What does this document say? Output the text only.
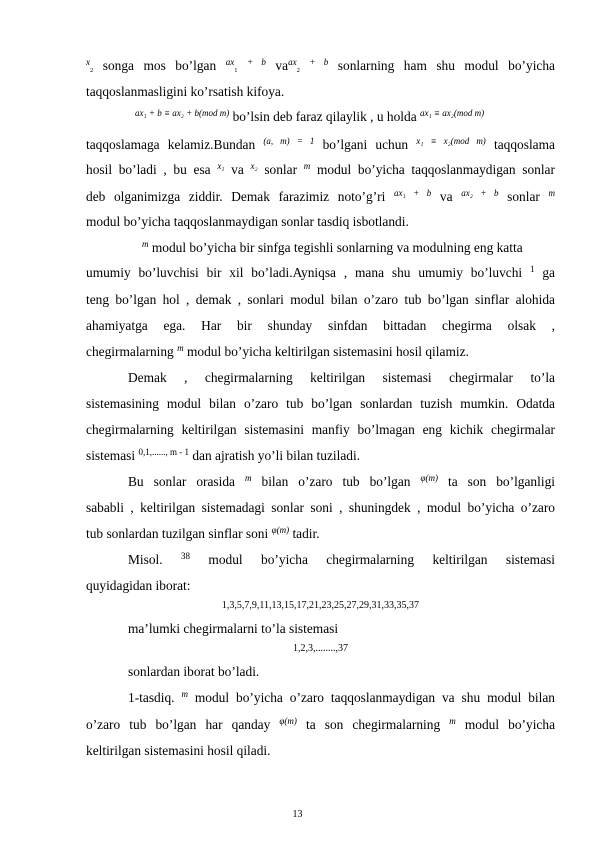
$^x_2$ songa mos bo’lgan $^{ax}_1$ $^{+ b}$ $va^{ax}_2$ $^{+ b}$ sonlarning ham shu modul bo’yicha
taqqoslanmasligini ko’rsatish kifoya.
$^{ax_1 + b \equiv ax_2 + b(mod m)}$ bo’lsin deb faraz qilaylik , u holda $^{ax_1 \equiv ax_2(mod m)}$
taqqoslamaga kelamiz.Bundan $^{(a, m) = 1}$ bo’lgani uchun $^{x_1 \equiv x_2(mod m)}$ taqqoslama
hosil bo’ladi , bu esa $^{x_1}$ va $^{x_2}$ sonlar $^m$ modul bo’yicha taqqoslanmaydigan sonlar
deb olganimizga ziddir. Demak farazimiz noto’g’ri $^{ax_1 + b}$ va $^{ax_2 + b}$ sonlar $^m$
modul bo’yicha taqqoslanmaydigan sonlar tasdiq isbotlandi.
$^m$ modul bo’yicha bir sinfga tegishli sonlarning va modulning eng katta
umumiy bo’luvchisi bir xil bo’ladi.Ayniqsa , mana shu umumiy bo’luvchi $^1$ ga
teng bo’lgan hol , demak , sonlari modul bilan o’zaro tub bo’lgan sinflar alohida
ahamiyatga ega. Har bir shunday sinfdan bittadan chegirma olsak ,
chegirmalarning $^m$ modul bo’yicha keltirilgan sistemasini hosil qilamiz.
Demak , chegirmalarning keltirilgan sistemasi chegirmalar to’la
sistemasining modul bilan o’zaro tub bo’lgan sonlardan tuzish mumkin. Odatda
chegirmalarning keltirilgan sistemasini manfiy bo’lmagan eng kichik chegirmalar
sistemasi $^{0,1,......, m - 1}$ dan ajratish yo’li bilan tuziladi.
Bu sonlar orasida $^m$ bilan o’zaro tub bo’lgan $^{\varphi(m)}$ ta son bo’lganligi
sababli , keltirilgan sistemadagi sonlar soni , shuningdek , modul bo’yicha o’zaro
tub sonlardan tuzilgan sinflar soni $^{\varphi(m)}$ tadir.
Misol. $^{38}$ modul bo’yicha chegirmalarning keltirilgan sistemasi
quyidagidan iborat:
1,3,5,7,9,11,13,15,17,21,23,25,27,29,31,33,35,37
ma’lumki chegirmalarni to’la sistemasi
1,2,3,........,37
sonlardan iborat bo’ladi.
1-tasdiq. $^m$ modul bo’yicha o’zaro taqqoslanmaydigan va shu modul bilan
o’zaro tub bo’lgan har qanday $^{\varphi(m)}$ ta son chegirmalarning $^m$ modul bo’yicha
keltirilgan sistemasini hosil qiladi.
13
